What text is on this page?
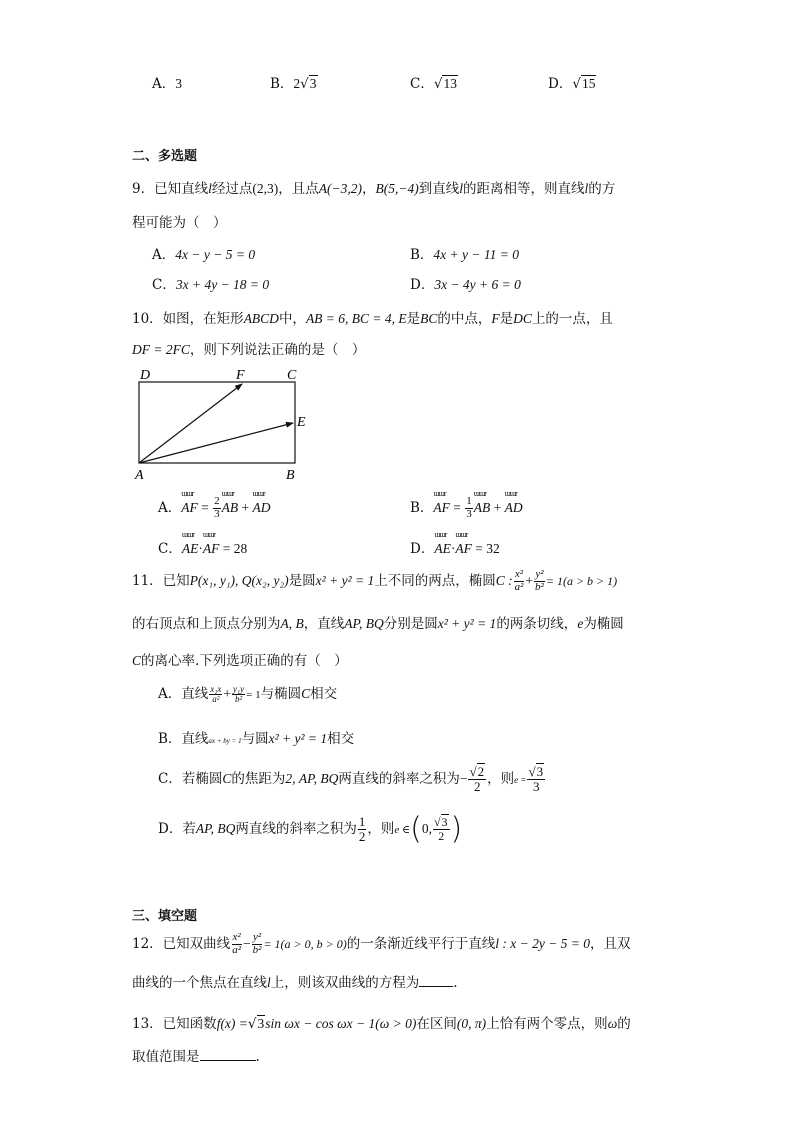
A．3	B．2√3	C．√13	D．√15
二、多选题
9．已知直线l经过点(2,3)，且点A(−3,2)，B(5,−4)到直线l的距离相等，则直线l的方
程可能为（　）
A．4x − y − 5 = 0	B．4x + y − 11 = 0
C．3x + 4y − 18 = 0	D．3x − 4y + 6 = 0
10．如图，在矩形ABCD中，AB = 6, BC = 4, E是BC的中点，F是DC上的一点，且
DF = 2FC，则下列说法正确的是（　）
D	F	C
E
A	B
A．ɯɯr AF = $\frac{2}{3}$ ɯɯr AB + ɯɯr AD	B．ɯɯr AF = $\frac{1}{3}$ ɯɯr AB + ɯɯr AD
C．ɯɯr AE·ɯɯr AF = 28	D．ɯɯr AE·ɯɯr AF = 32
11．已知P(x₁, y₁), Q(x₂, y₂)是圆x² + y² = 1上不同的两点，椭圆C : $\frac{\text{x²}}{\text{a²}} + \frac{\text{y²}}{\text{b²}} = 1(a > b > 1)$
的右顶点和上顶点分别为A, B，直线AP, BQ分别是圆x² + y² = 1的两条切线，e为椭圆
C的离心率.下列选项正确的有（　）
A．直线 $\frac{\text{x₁x}}{\text{a²}} + \frac{\text{y₁y}}{\text{b²}} = 1$与椭圆C相交
B．直线ax + by = 1与圆x² + y² = 1相交
C．若椭圆C的焦距为2, AP, BQ两直线的斜率之积为− $\frac{√2}{2}$ ，则$e = \frac{√3}{3}$
D．若AP, BQ两直线的斜率之积为 $\frac{1}{2}$ ，则e ∈(0, $\frac{√3}{2}$ )
三、填空题
12．已知双曲线 $\frac{\text{x²}}{\text{a²}} - \frac{\text{y²}}{\text{b²}} = 1(a > 0$, b > 0)的一条渐近线平行于直线l : x − 2y − 5 = 0，且双
曲线的一个焦点在直线l上，则该双曲线的方程为	.
13．已知函数f(x) =√3sin ωx − cos ωx − 1(ω > 0)在区间(0, π)上恰有两个零点，则ω的
取值范围是	.
